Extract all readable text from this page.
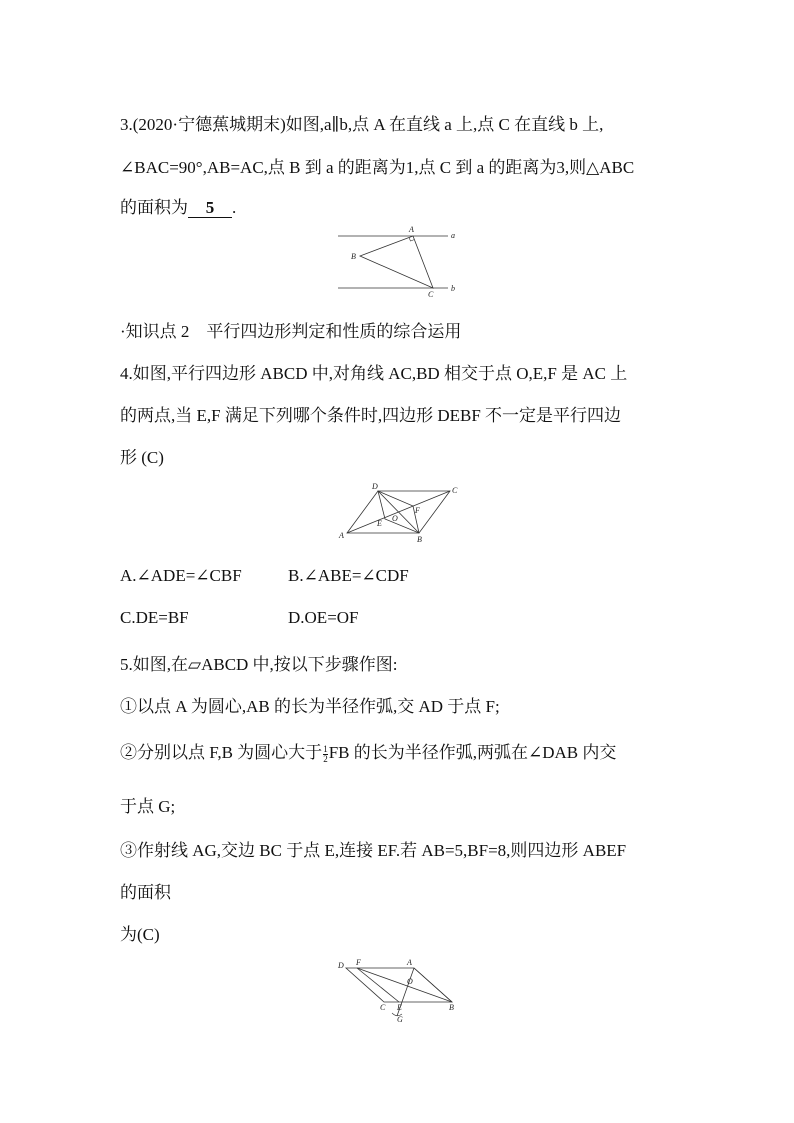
3.(2020·宁德蕉城期末)如图,a∥b,点 A 在直线 a 上,点 C 在直线 b 上,
∠BAC=90°,AB=AC,点 B 到 a 的距离为1,点 C 到 a 的距离为3,则△ABC
的面积为 5 .
A
B
C
a
b
·知识点 2　平行四边形判定和性质的综合运用
4.如图,平行四边形 ABCD 中,对角线 AC,BD 相交于点 O,E,F 是 AC 上
的两点,当 E,F 满足下列哪个条件时,四边形 DEBF 不一定是平行四边
形 (C)
D	C
A	B
E
F
O
A.∠ADE=∠CBF	B.∠ABE=∠CDF
C.DE=BF	D.OE=OF
5.如图,在▱ABCD 中,按以下步骤作图:
①以点 A 为圆心,AB 的长为半径作弧,交 AD 于点 F;
②分别以点 F,B 为圆心大于 $\frac{1}{2}$ FB 的长为半径作弧,两弧在∠DAB 内交
于点 G;
③作射线 AG,交边 BC 于点 E,连接 EF.若 AB=5,BF=8,则四边形 ABEF
的面积
为(C)
D F	A
O
C E	B
G
